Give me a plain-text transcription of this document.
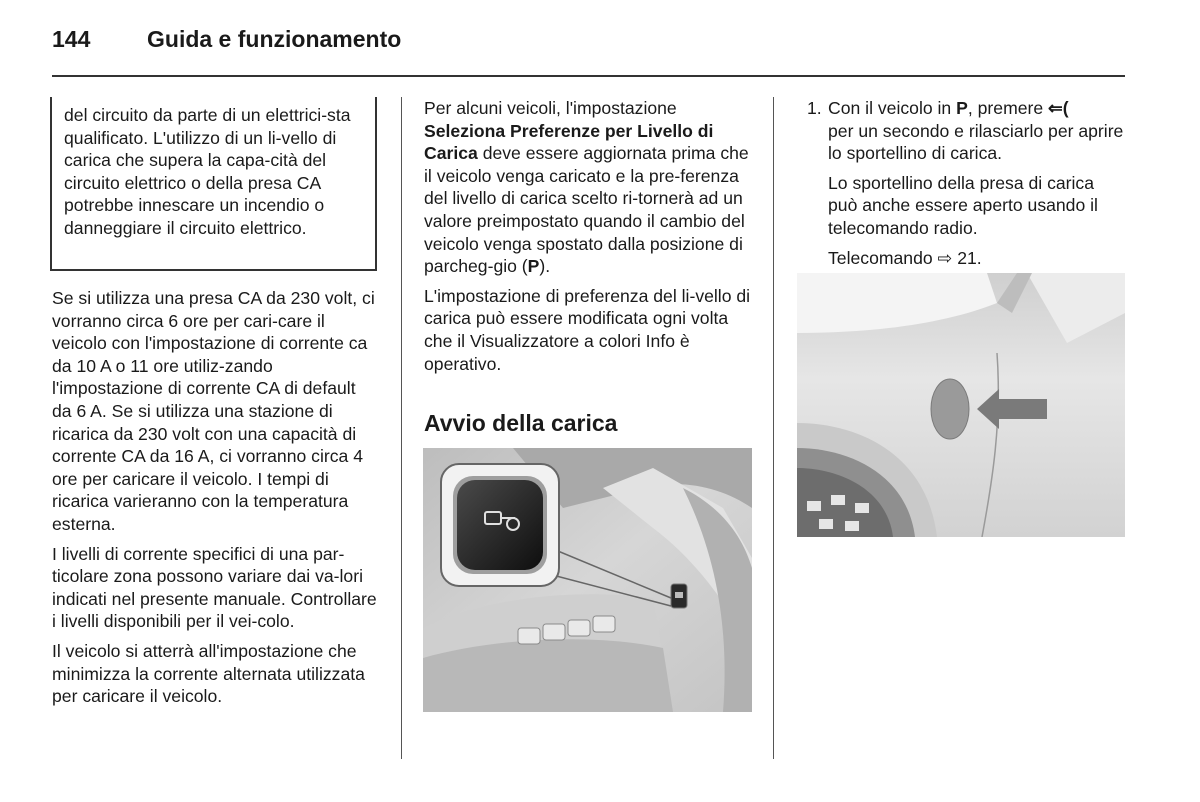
144 Guida e funzionamento

del circuito da parte di un elettrici-sta qualificato. L'utilizzo di un li-vello di carica che supera la capa-cità del circuito elettrico o della presa CA potrebbe innescare un incendio o danneggiare il circuito elettrico.

Se si utilizza una presa CA da 230 volt, ci vorranno circa 6 ore per cari-care il veicolo con l'impostazione di corrente ca da 10 A o 11 ore utiliz-zando l'impostazione di corrente CA di default da 6 A. Se si utilizza una stazione di ricarica da 230 volt con una capacità di corrente CA da 16 A, ci vorranno circa 4 ore per caricare il veicolo. I tempi di ricarica varieranno con la temperatura esterna.

I livelli di corrente specifici di una par-ticolare zona possono variare dai va-lori indicati nel presente manuale. Controllare i livelli disponibili per il vei-colo.

Il veicolo si atterrà all'impostazione che minimizza la corrente alternata utilizzata per caricare il veicolo.

Per alcuni veicoli, l'impostazione Seleziona Preferenze per Livello di Carica deve essere aggiornata prima che il veicolo venga caricato e la pre-ferenza del livello di carica scelto ri-tornerà ad un valore preimpostato quando il cambio del veicolo venga spostato dalla posizione di parcheg-gio (P).

L'impostazione di preferenza del li-vello di carica può essere modificata ogni volta che il Visualizzatore a colori Info è operativo.

Avvio della carica

1. Con il veicolo in P, premere ⇐(

per un secondo e rilasciarlo per aprire lo sportellino di carica.

Lo sportellino della presa di carica può anche essere aperto usando il telecomando radio.

Telecomando ⇨ 21.
